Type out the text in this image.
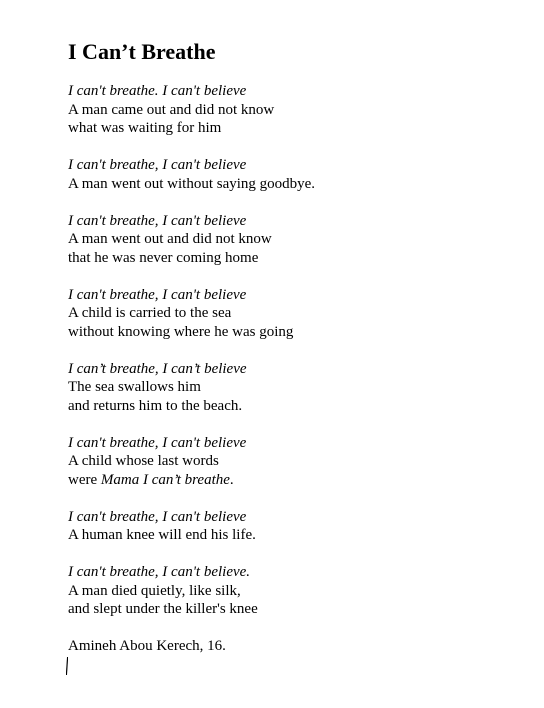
I Can’t Breathe
I can't breathe. I can't believe
A man came out and did not know
what was waiting for him
I can't breathe, I can't believe
A man went out without saying goodbye.
I can't breathe, I can't believe
A man went out and did not know
that he was never coming home
I can't breathe, I can't believe
A child is carried to the sea
without knowing where he was going
I can’t breathe, I can’t believe
The sea swallows him
and returns him to the beach.
I can't breathe, I can't believe
A child whose last words
were Mama I can’t breathe.
I can't breathe, I can't believe
A human knee will end his life.
I can't breathe, I can't believe.
A man died quietly, like silk,
and slept under the killer's knee
Amineh Abou Kerech, 16.
